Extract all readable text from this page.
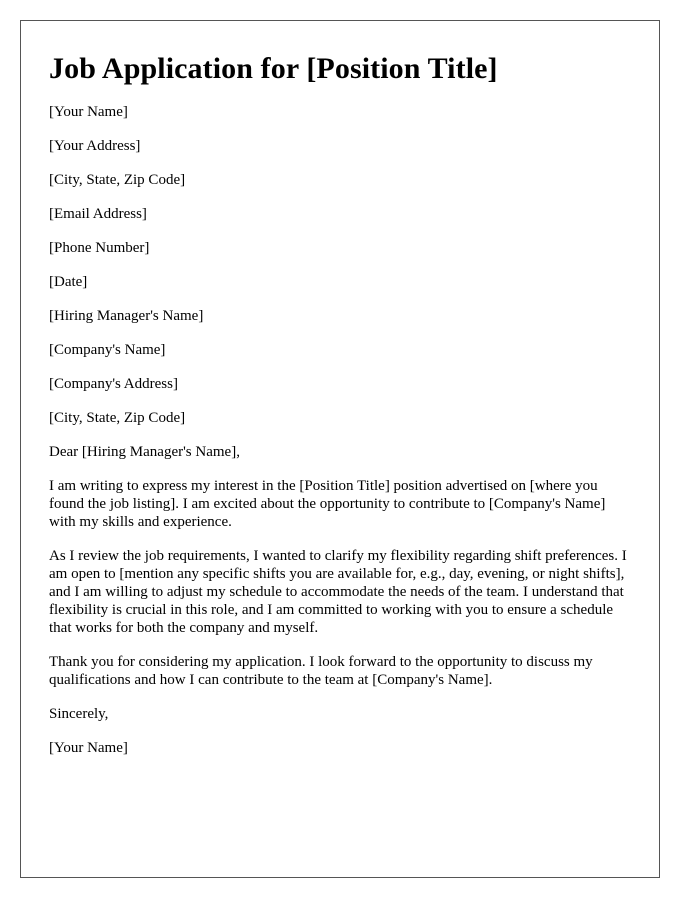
Job Application for [Position Title]
[Your Name]
[Your Address]
[City, State, Zip Code]
[Email Address]
[Phone Number]
[Date]
[Hiring Manager's Name]
[Company's Name]
[Company's Address]
[City, State, Zip Code]
Dear [Hiring Manager's Name],

I am writing to express my interest in the [Position Title] position advertised on [where you found the job listing]. I am excited about the opportunity to contribute to [Company's Name] with my skills and experience.

As I review the job requirements, I wanted to clarify my flexibility regarding shift preferences. I am open to [mention any specific shifts you are available for, e.g., day, evening, or night shifts], and I am willing to adjust my schedule to accommodate the needs of the team. I understand that flexibility is crucial in this role, and I am committed to working with you to ensure a schedule that works for both the company and myself.

Thank you for considering my application. I look forward to the opportunity to discuss my qualifications and how I can contribute to the team at [Company's Name].

Sincerely,
[Your Name]
